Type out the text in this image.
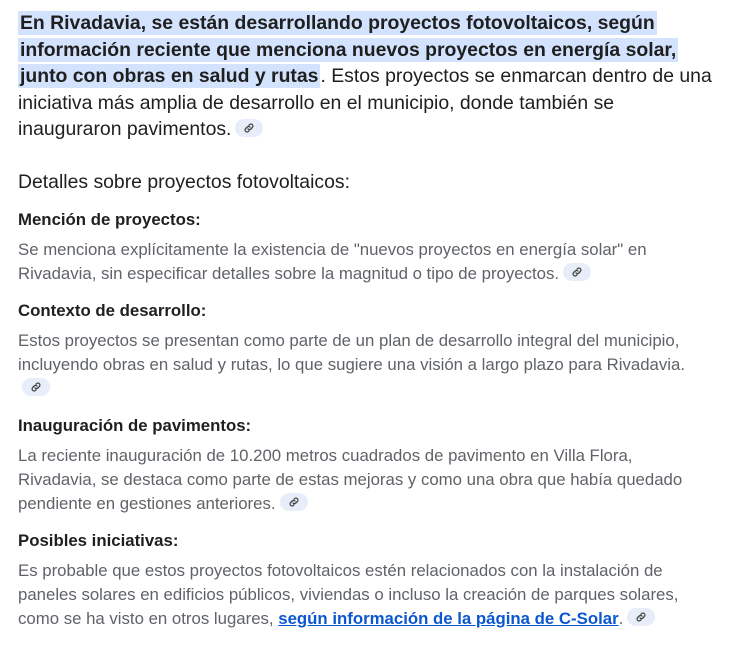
En Rivadavia, se están desarrollando proyectos fotovoltaicos, según información reciente que menciona nuevos proyectos en energía solar, junto con obras en salud y rutas . Estos proyectos se enmarcan dentro de una iniciativa más amplia de desarrollo en el municipio, donde también se inauguraron pavimentos.

Detalles sobre proyectos fotovoltaicos:
Mención de proyectos:

Se menciona explícitamente la existencia de "nuevos proyectos en energía solar" en Rivadavia, sin especificar detalles sobre la magnitud o tipo de proyectos.

Contexto de desarrollo:

Estos proyectos se presentan como parte de un plan de desarrollo integral del municipio, incluyendo obras en salud y rutas, lo que sugiere una visión a largo plazo para Rivadavia.

Inauguración de pavimentos:

La reciente inauguración de 10.200 metros cuadrados de pavimento en Villa Flora, Rivadavia, se destaca como parte de estas mejoras y como una obra que había quedado pendiente en gestiones anteriores.

Posibles iniciativas:

Es probable que estos proyectos fotovoltaicos estén relacionados con la instalación de paneles solares en edificios públicos, viviendas o incluso la creación de parques solares, como se ha visto en otros lugares, según información de la página de C-Solar.
